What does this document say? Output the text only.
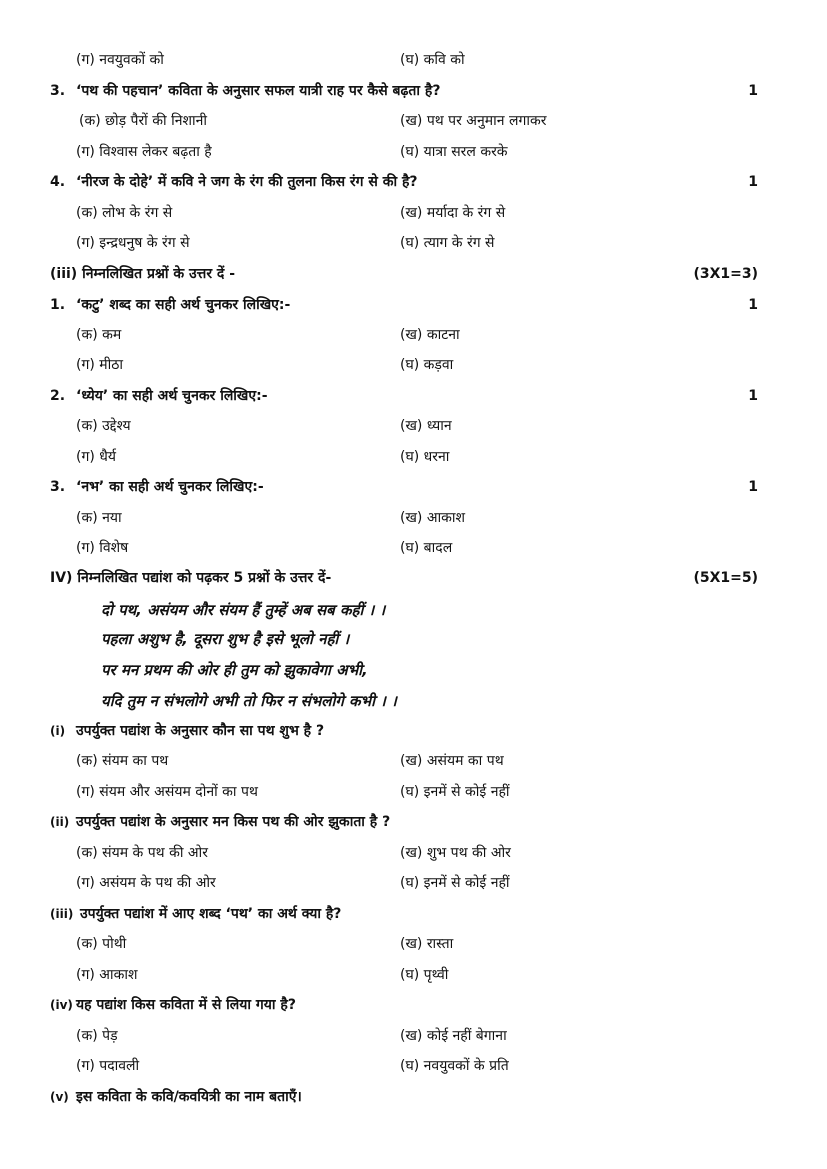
(ग) नवयुवकों को	(घ) कवि को
3. ‘पथ की पहचान’ कविता के अनुसार सफल यात्री राह पर कैसे बढ़ता है?	1
(क) छोड़ पैरों की निशानी	(ख) पथ पर अनुमान लगाकर
(ग) विश्वास लेकर बढ़ता है	(घ) यात्रा सरल करके
4. ‘नीरज के दोहे’ में कवि ने जग के रंग की तुलना किस रंग से की है?	1
(क) लोभ के रंग से	(ख) मर्यादा के रंग से
(ग) इन्द्रधनुष के रंग से	(घ) त्याग के रंग से
(iii) निम्नलिखित प्रश्नों के उत्तर दें -	(3X1=3)
1. ‘कटु’ शब्द का सही अर्थ चुनकर लिखिए:-	1
(क) कम	(ख) काटना
(ग) मीठा	(घ) कड़वा
2. ‘ध्येय’ का सही अर्थ चुनकर लिखिए:-	1
(क) उद्देश्य	(ख) ध्यान
(ग) धैर्य	(घ) धरना
3. ‘नभ’ का सही अर्थ चुनकर लिखिए:-	1
(क) नया	(ख) आकाश
(ग) विशेष	(घ) बादल
IV) निम्नलिखित पद्यांश को पढ़कर 5 प्रश्नों के उत्तर दें-	(5X1=5)
दो पथ, असंयम और संयम हैं तुम्हें अब सब कहीं । ।
पहला अशुभ है, दूसरा शुभ है इसे भूलो नहीं ।
पर मन प्रथम की ओर ही तुम को झुकावेगा अभी,
यदि तुम न संभलोगे अभी तो फिर न संभलोगे कभी । ।
(i) उपर्युक्त पद्यांश के अनुसार कौन सा पथ शुभ है ?
(क) संयम का पथ	(ख) असंयम का पथ
(ग) संयम और असंयम दोनों का पथ	(घ) इनमें से कोई नहीं
(ii) उपर्युक्त पद्यांश के अनुसार मन किस पथ की ओर झुकाता है ?
(क) संयम के पथ की ओर	(ख) शुभ पथ की ओर
(ग) असंयम के पथ की ओर	(घ) इनमें से कोई नहीं
(iii) उपर्युक्त पद्यांश में आए शब्द ‘पथ’ का अर्थ क्या है?
(क) पोथी	(ख) रास्ता
(ग) आकाश	(घ) पृथ्वी
(iv) यह पद्यांश किस कविता में से लिया गया है?
(क) पेड़	(ख) कोई नहीं बेगाना
(ग) पदावली	(घ) नवयुवकों के प्रति
(v) इस कविता के कवि/कवयित्री का नाम बताएँ।
